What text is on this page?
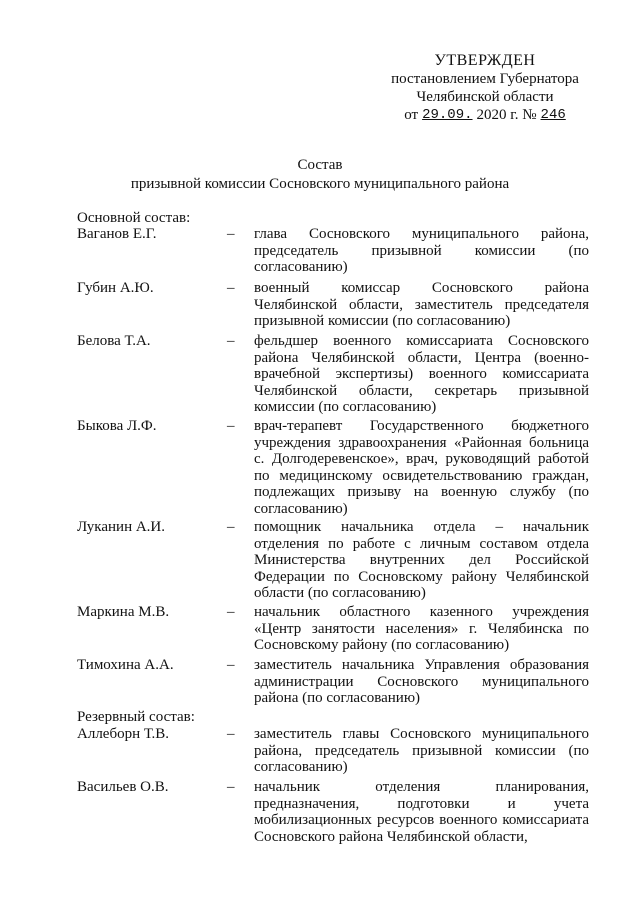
УТВЕРЖДЕН
постановлением Губернатора
Челябинской области
от 29.09. 2020 г. № 246
Состав
призывной комиссии Сосновского муниципального района
Основной состав:
Ваганов Е.Г.	–	глава Сосновского муниципального района, председатель призывной комиссии (по согласованию)
Губин А.Ю.	–	военный комиссар Сосновского района Челябинской области, заместитель председателя призывной комиссии (по согласованию)
Белова Т.А.	–	фельдшер военного комиссариата Сосновского района Челябинской области, Центра (военно-врачебной экспертизы) военного комиссариата Челябинской области, секретарь призывной комиссии (по согласованию)
Быкова Л.Ф.	–	врач-терапевт Государственного бюджетного учреждения здравоохранения «Районная больница с. Долгодеревенское», врач, руководящий работой по медицинскому освидетельствованию граждан, подлежащих призыву на военную службу (по согласованию)
Луканин А.И.	–	помощник начальника отдела – начальник отделения по работе с личным составом отдела Министерства внутренних дел Российской Федерации по Сосновскому району Челябинской области (по согласованию)
Маркина М.В.	–	начальник областного казенного учреждения «Центр занятости населения» г. Челябинска по Сосновскому району (по согласованию)
Тимохина А.А.	–	заместитель начальника Управления образования администрации Сосновского муниципального района (по согласованию)
Резервный состав:
Аллеборн Т.В.	–	заместитель главы Сосновского муниципального района, председатель призывной комиссии (по согласованию)
Васильев О.В.	–	начальник отделения планирования, предназначения, подготовки и учета мобилизационных ресурсов военного комиссариата Сосновского района Челябинской области,
